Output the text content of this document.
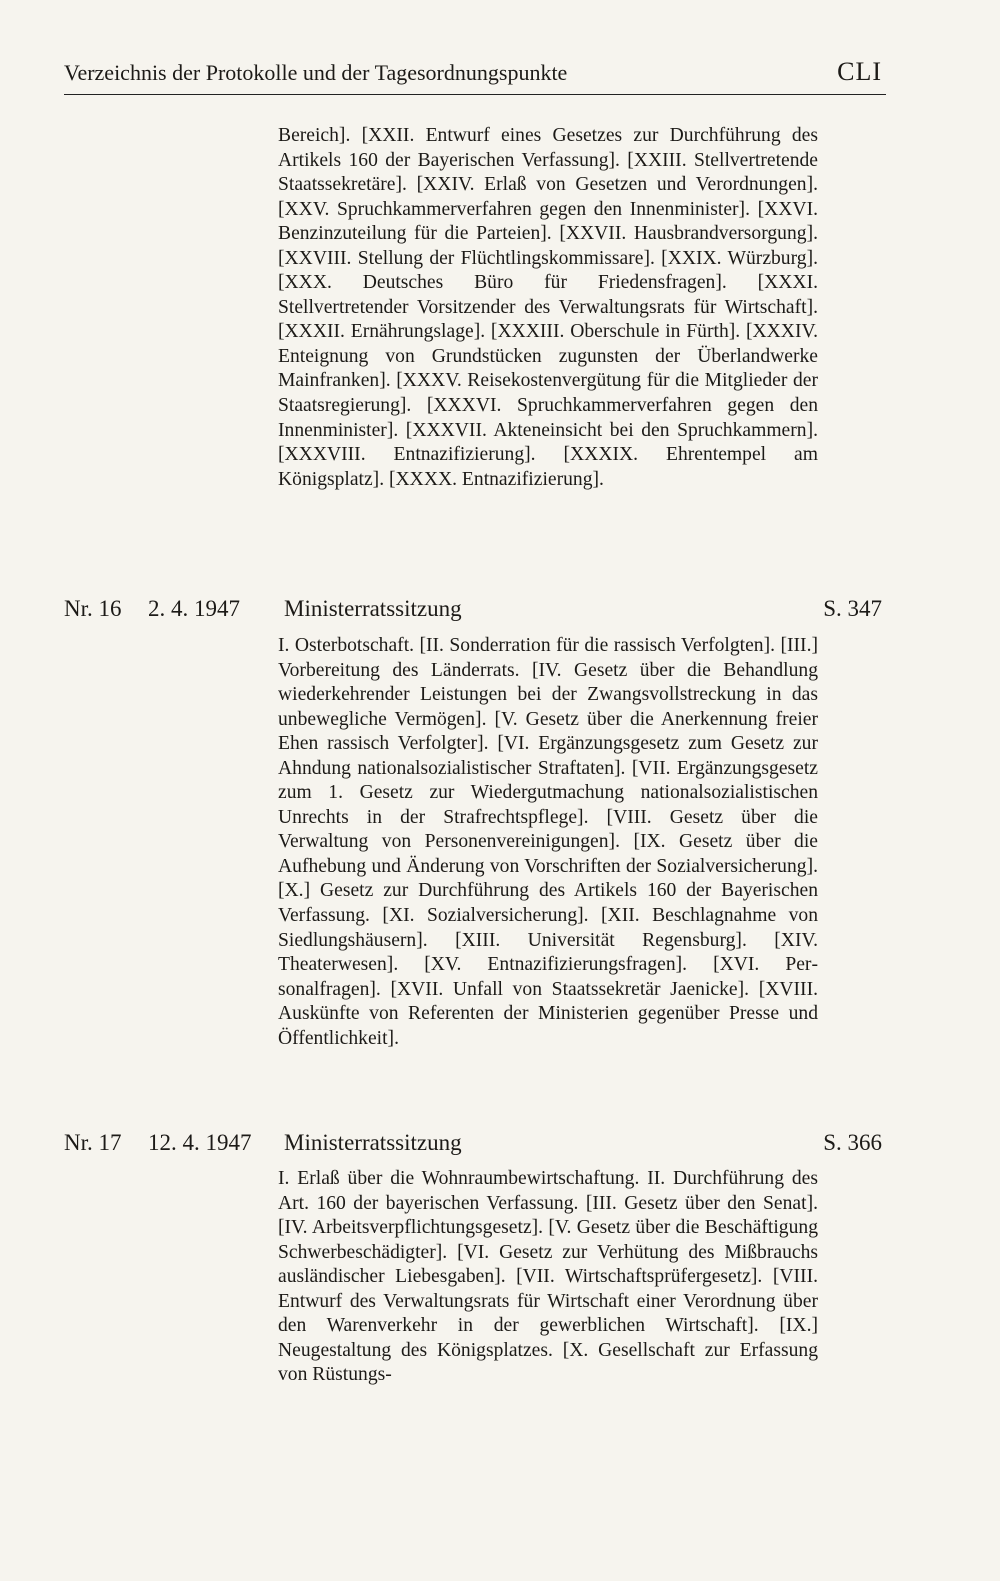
Verzeichnis der Protokolle und der Tagesordnungspunkte	CLI

Bereich]. [XXII. Entwurf eines Gesetzes zur Durchführung des Artikels 160 der Bayerischen Verfassung]. [XXIII. Stellvertretende Staatssekretäre]. [XXIV. Erlaß von Gesetzen und Verordnungen]. [XXV. Spruchkammerverfahren gegen den Innenminister]. [XXVI. Benzinzuteilung für die Parteien]. [XXVII. Hausbrandversorgung]. [XXVIII. Stellung der Flüchtlingskommissare]. [XXIX. Würzburg]. [XXX. Deutsches Büro für Friedensfragen]. [XXXI. Stellvertretender Vorsitzender des Verwaltungsrats für Wirtschaft]. [XXXII. Ernährungslage]. [XXXIII. Oberschule in Fürth]. [XXXIV. Enteignung von Grundstücken zugunsten der Überlandwerke Mainfranken]. [XXXV. Reisekostenvergütung für die Mitglieder der Staatsregierung]. [XXXVI. Spruchkammerverfahren gegen den Innenminister]. [XXXVII. Akteneinsicht bei den Spruchkammern]. [XXXVIII. Entnazifizierung]. [XXXIX. Ehrentempel am Königsplatz]. [XXXX. Entnazifizierung].

Nr. 16 2. 4. 1947 Ministerratssitzung	S. 347

I. Osterbotschaft. [II. Sonderration für die rassisch Verfolgten]. [III.] Vorbereitung des Länderrats. [IV. Gesetz über die Behandlung wiederkehrender Leistungen bei der Zwangsvollstreckung in das unbewegliche Vermögen]. [V. Gesetz über die Anerkennung freier Ehen rassisch Verfolgter]. [VI. Ergänzungsgesetz zum Gesetz zur Ahndung nationalsozialistischer Straftaten]. [VII. Ergänzungsgesetz zum 1. Gesetz zur Wiedergutmachung nationalsozialistischen Unrechts in der Strafrechtspflege]. [VIII. Gesetz über die Verwaltung von Personenvereinigungen]. [IX. Gesetz über die Aufhebung und Änderung von Vorschriften der Sozialversicherung]. [X.] Gesetz zur Durchführung des Artikels 160 der Bayerischen Verfassung. [XI. Sozialversicherung]. [XII. Beschlagnahme von Siedlungshäusern]. [XIII. Universität Regensburg]. [XIV. Theaterwesen]. [XV. Entnazifizierungsfragen]. [XVI. Personalfragen]. [XVII. Unfall von Staatssekretär Jaenicke]. [XVIII. Auskünfte von Referenten der Ministerien gegenüber Presse und Öffentlichkeit].

Nr. 17 12. 4. 1947 Ministerratssitzung	S. 366

I. Erlaß über die Wohnraumbewirtschaftung. II. Durchführung des Art. 160 der bayerischen Verfassung. [III. Gesetz über den Senat]. [IV. Arbeitsverpflichtungsgesetz]. [V. Gesetz über die Beschäftigung Schwerbeschädigter]. [VI. Gesetz zur Verhütung des Mißbrauchs ausländischer Liebesgaben]. [VII. Wirtschaftsprüfergesetz]. [VIII. Entwurf des Verwaltungsrats für Wirtschaft einer Verordnung über den Warenverkehr in der gewerblichen Wirtschaft]. [IX.] Neugestaltung des Königsplatzes. [X. Gesellschaft zur Erfassung von Rüstungs-
